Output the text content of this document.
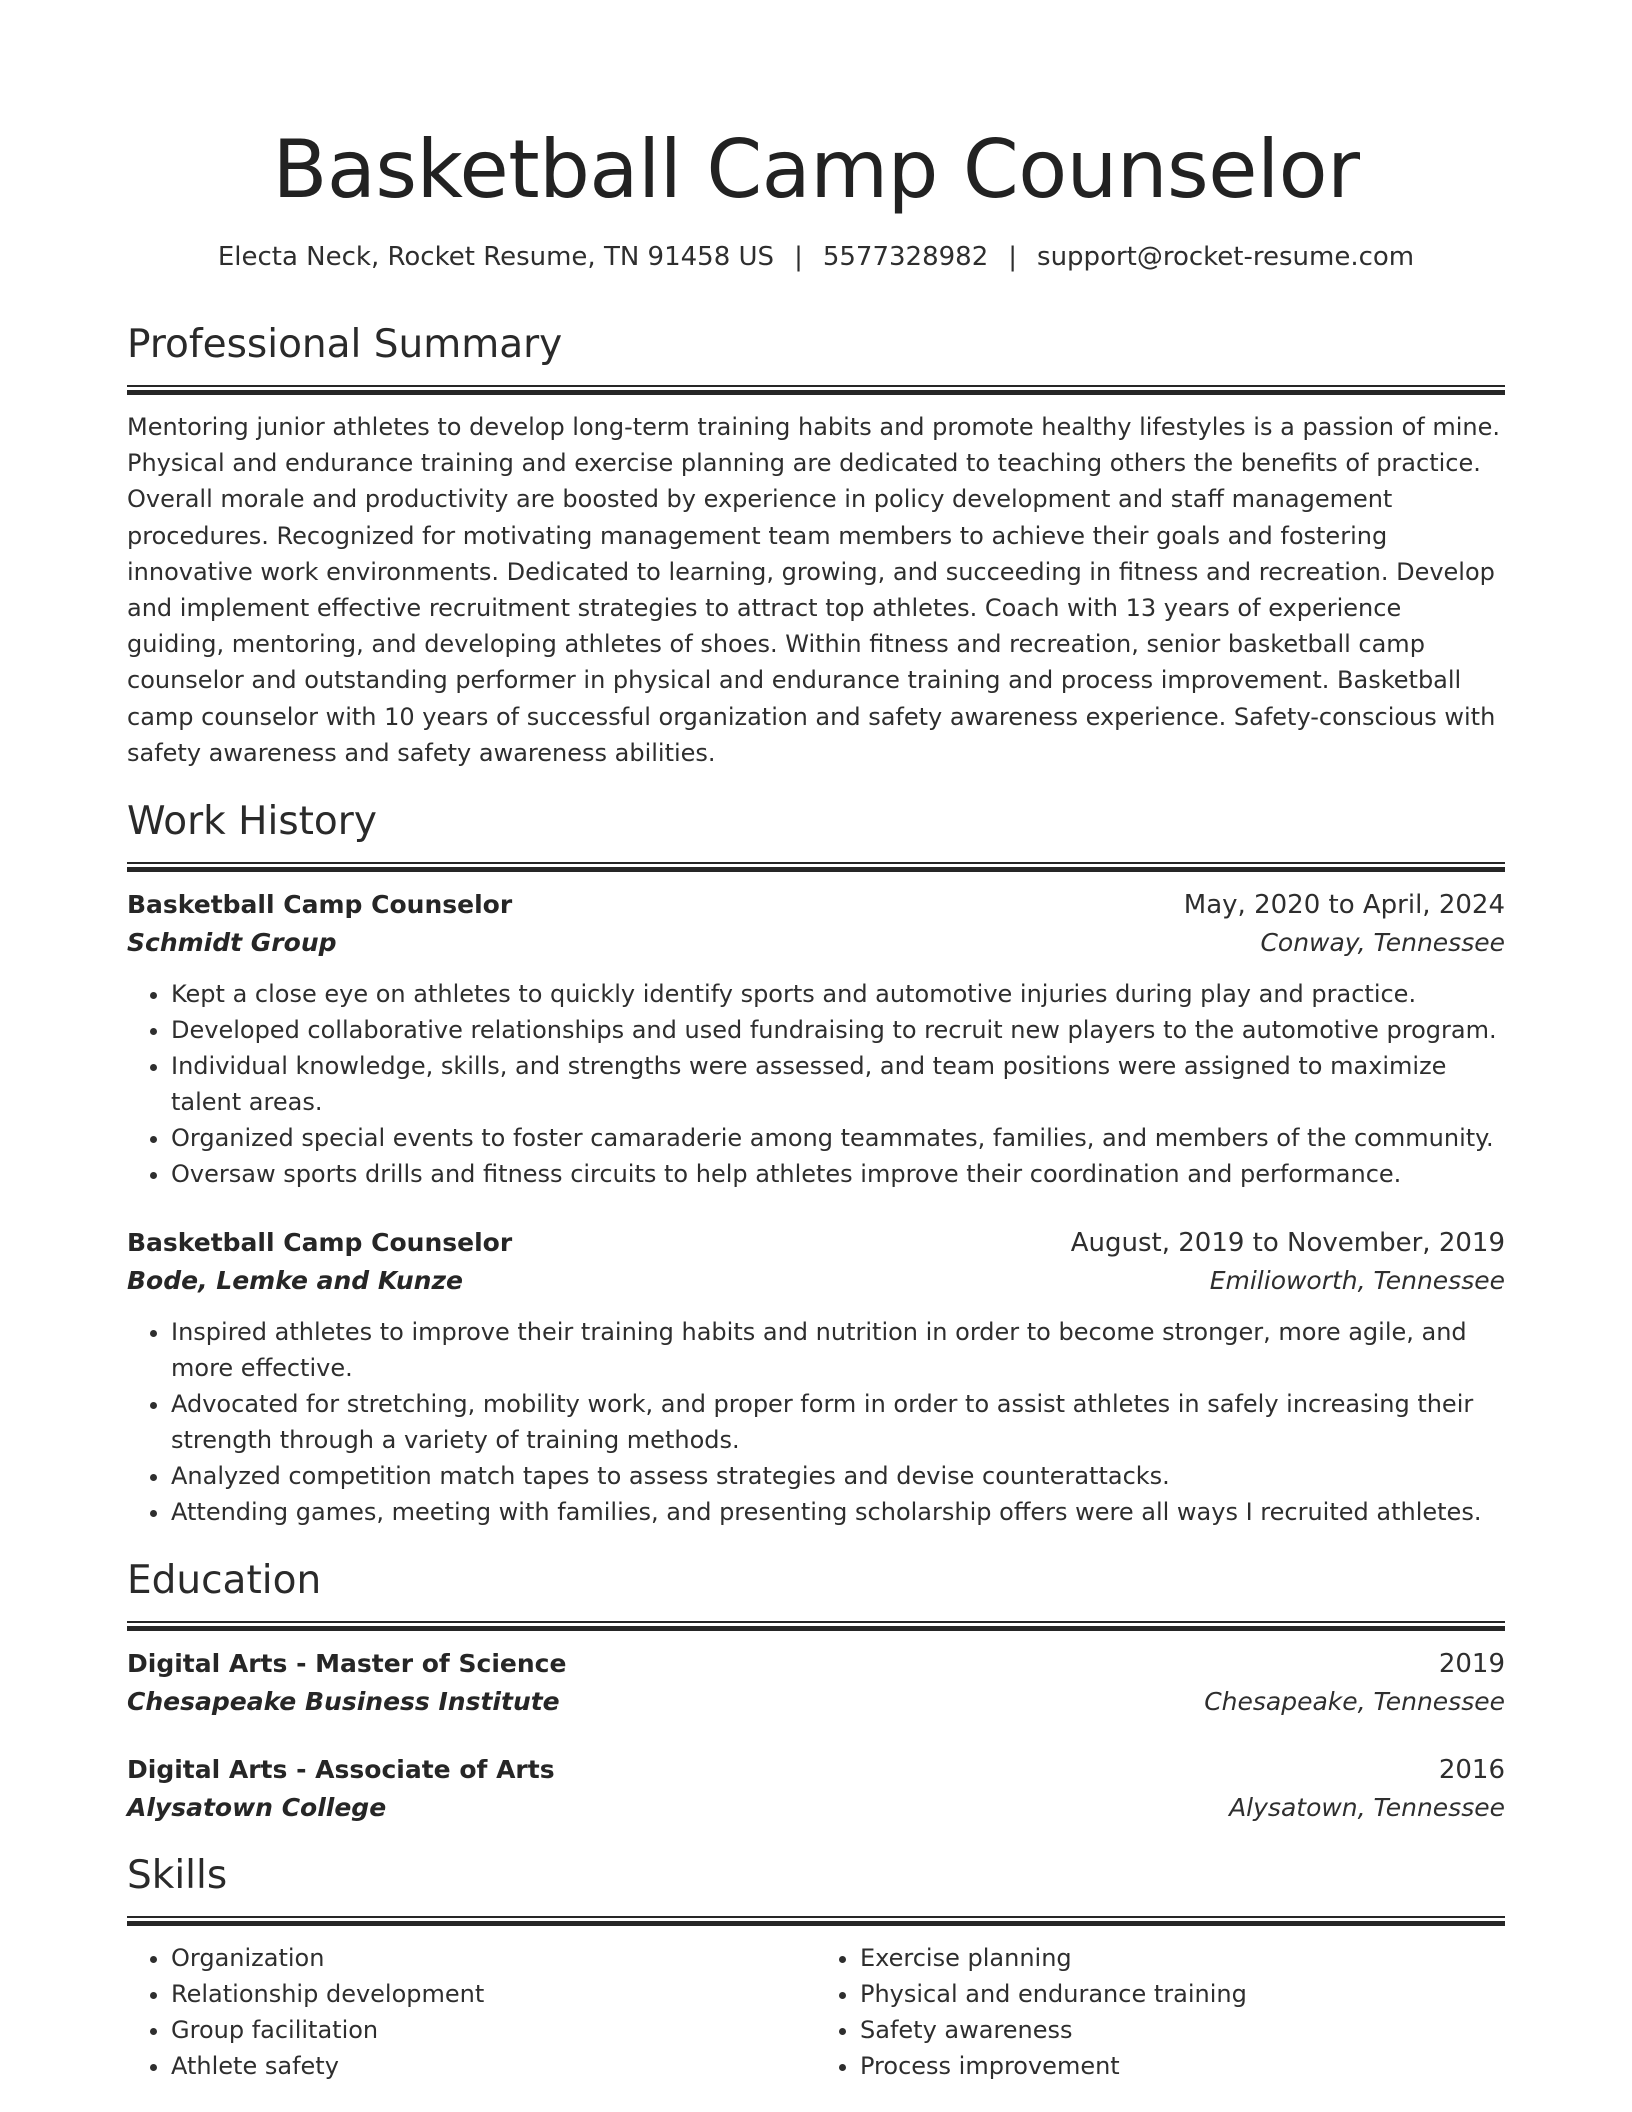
Basketball Camp Counselor
Electa Neck, Rocket Resume, TN 91458 US | 5577328982 | support@rocket-resume.com
Professional Summary

Mentoring junior athletes to develop long-term training habits and promote healthy lifestyles is a passion of mine. Physical and endurance training and exercise planning are dedicated to teaching others the benefits of practice. Overall morale and productivity are boosted by experience in policy development and staff management procedures. Recognized for motivating management team members to achieve their goals and fostering innovative work environments. Dedicated to learning, growing, and succeeding in fitness and recreation. Develop and implement effective recruitment strategies to attract top athletes. Coach with 13 years of experience guiding, mentoring, and developing athletes of shoes. Within fitness and recreation, senior basketball camp counselor and outstanding performer in physical and endurance training and process improvement. Basketball camp counselor with 10 years of successful organization and safety awareness experience. Safety-conscious with safety awareness and safety awareness abilities.

Work History
Basketball Camp Counselor	May, 2020 to April, 2024
Schmidt Group	Conway, Tennessee
• Kept a close eye on athletes to quickly identify sports and automotive injuries during play and practice.
• Developed collaborative relationships and used fundraising to recruit new players to the automotive program.
• Individual knowledge, skills, and strengths were assessed, and team positions were assigned to maximize talent areas.
• Organized special events to foster camaraderie among teammates, families, and members of the community.
• Oversaw sports drills and fitness circuits to help athletes improve their coordination and performance.
Basketball Camp Counselor	August, 2019 to November, 2019
Bode, Lemke and Kunze	Emilioworth, Tennessee
• Inspired athletes to improve their training habits and nutrition in order to become stronger, more agile, and more effective.
• Advocated for stretching, mobility work, and proper form in order to assist athletes in safely increasing their strength through a variety of training methods.
• Analyzed competition match tapes to assess strategies and devise counterattacks.
• Attending games, meeting with families, and presenting scholarship offers were all ways I recruited athletes.
Education
Digital Arts - Master of Science	2019
Chesapeake Business Institute	Chesapeake, Tennessee
Digital Arts - Associate of Arts	2016
Alysatown College	Alysatown, Tennessee
Skills
• Organization
• Relationship development
• Group facilitation
• Athlete safety
• Exercise planning
• Physical and endurance training
• Safety awareness
• Process improvement
